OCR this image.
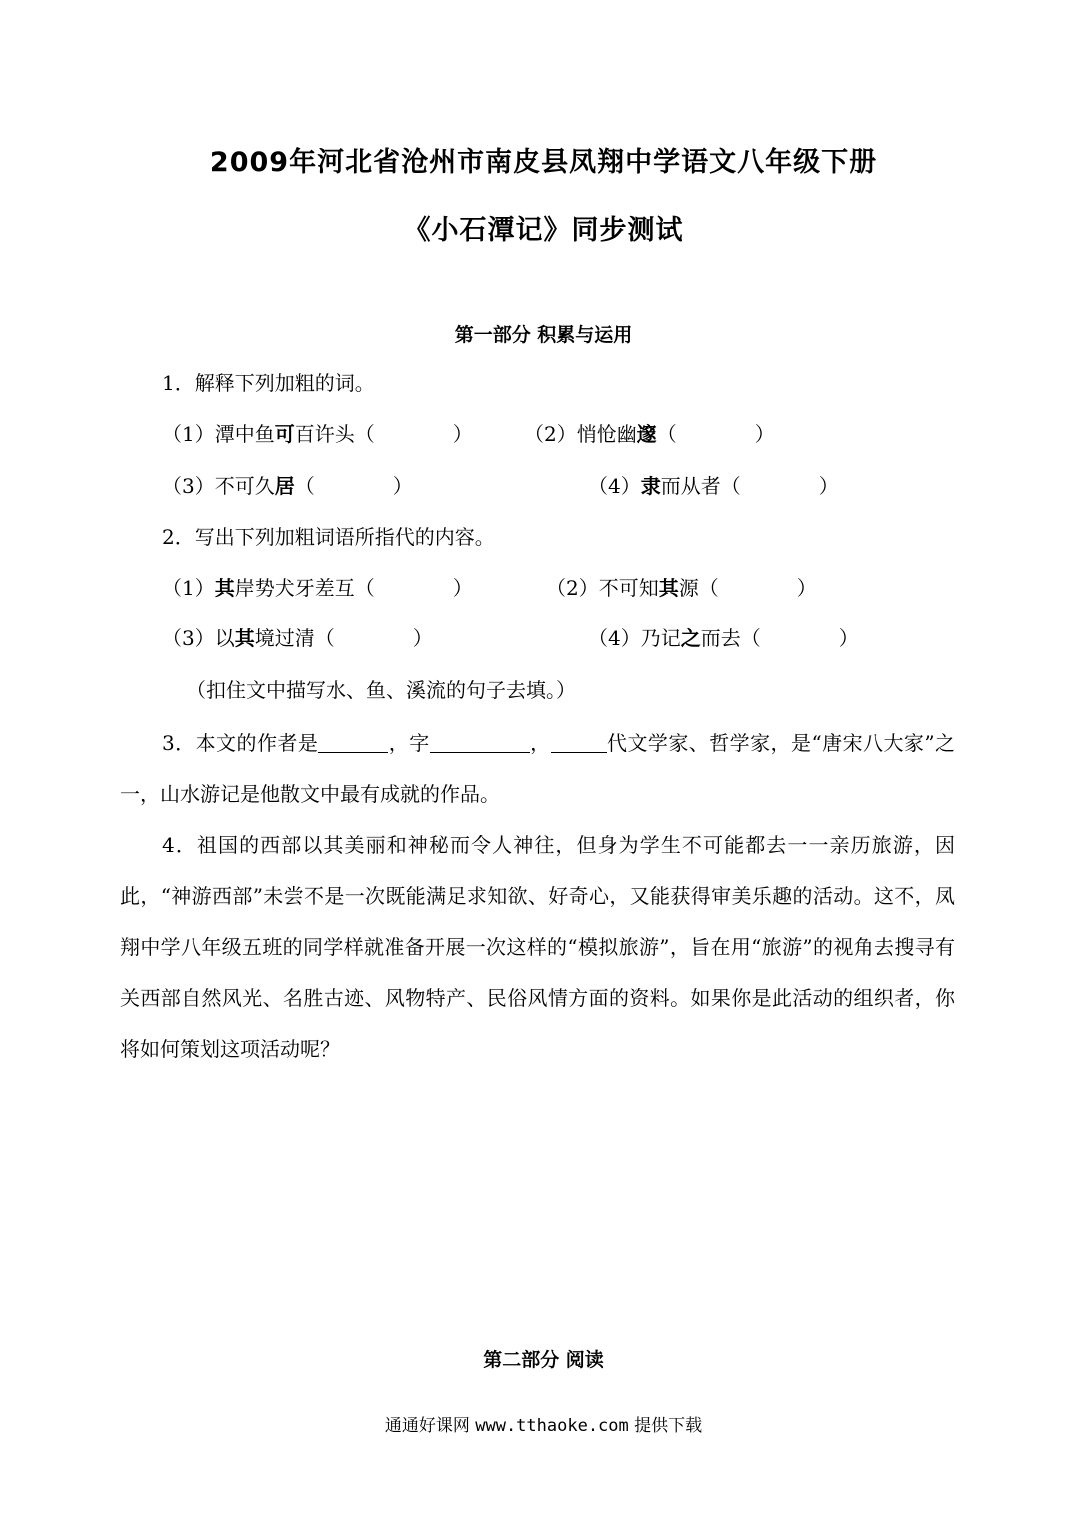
2009年河北省沧州市南皮县凤翔中学语文八年级下册
《小石潭记》同步测试
第一部分 积累与运用
1．解释下列加粗的词。
（1）潭中鱼可百许头（	）	（2）悄怆幽邃（	）
（3）不可久居（	）	（4）隶而从者（	）
2．写出下列加粗词语所指代的内容。
（1）其岸势犬牙差互（	）	（2）不可知其源（	）
（3）以其境过清（	）	（4）乃记之而去（	）
（扣住文中描写水、鱼、溪流的句子去填。）

3．本文的作者是	，字	，	代文学家、哲学家，是“唐宋八大家”之一，山水游记是他散文中最有成就的作品。

4．祖国的西部以其美丽和神秘而令人神往，但身为学生不可能都去一一亲历旅游，因此，“神游西部”未尝不是一次既能满足求知欲、好奇心，又能获得审美乐趣的活动。这不，凤翔中学八年级五班的同学样就准备开展一次这样的“模拟旅游”，旨在用“旅游”的视角去搜寻有关西部自然风光、名胜古迹、风物特产、民俗风情方面的资料。如果你是此活动的组织者，你将如何策划这项活动呢？

第二部分 阅读
通通好课网 www.tthaoke.com 提供下载
